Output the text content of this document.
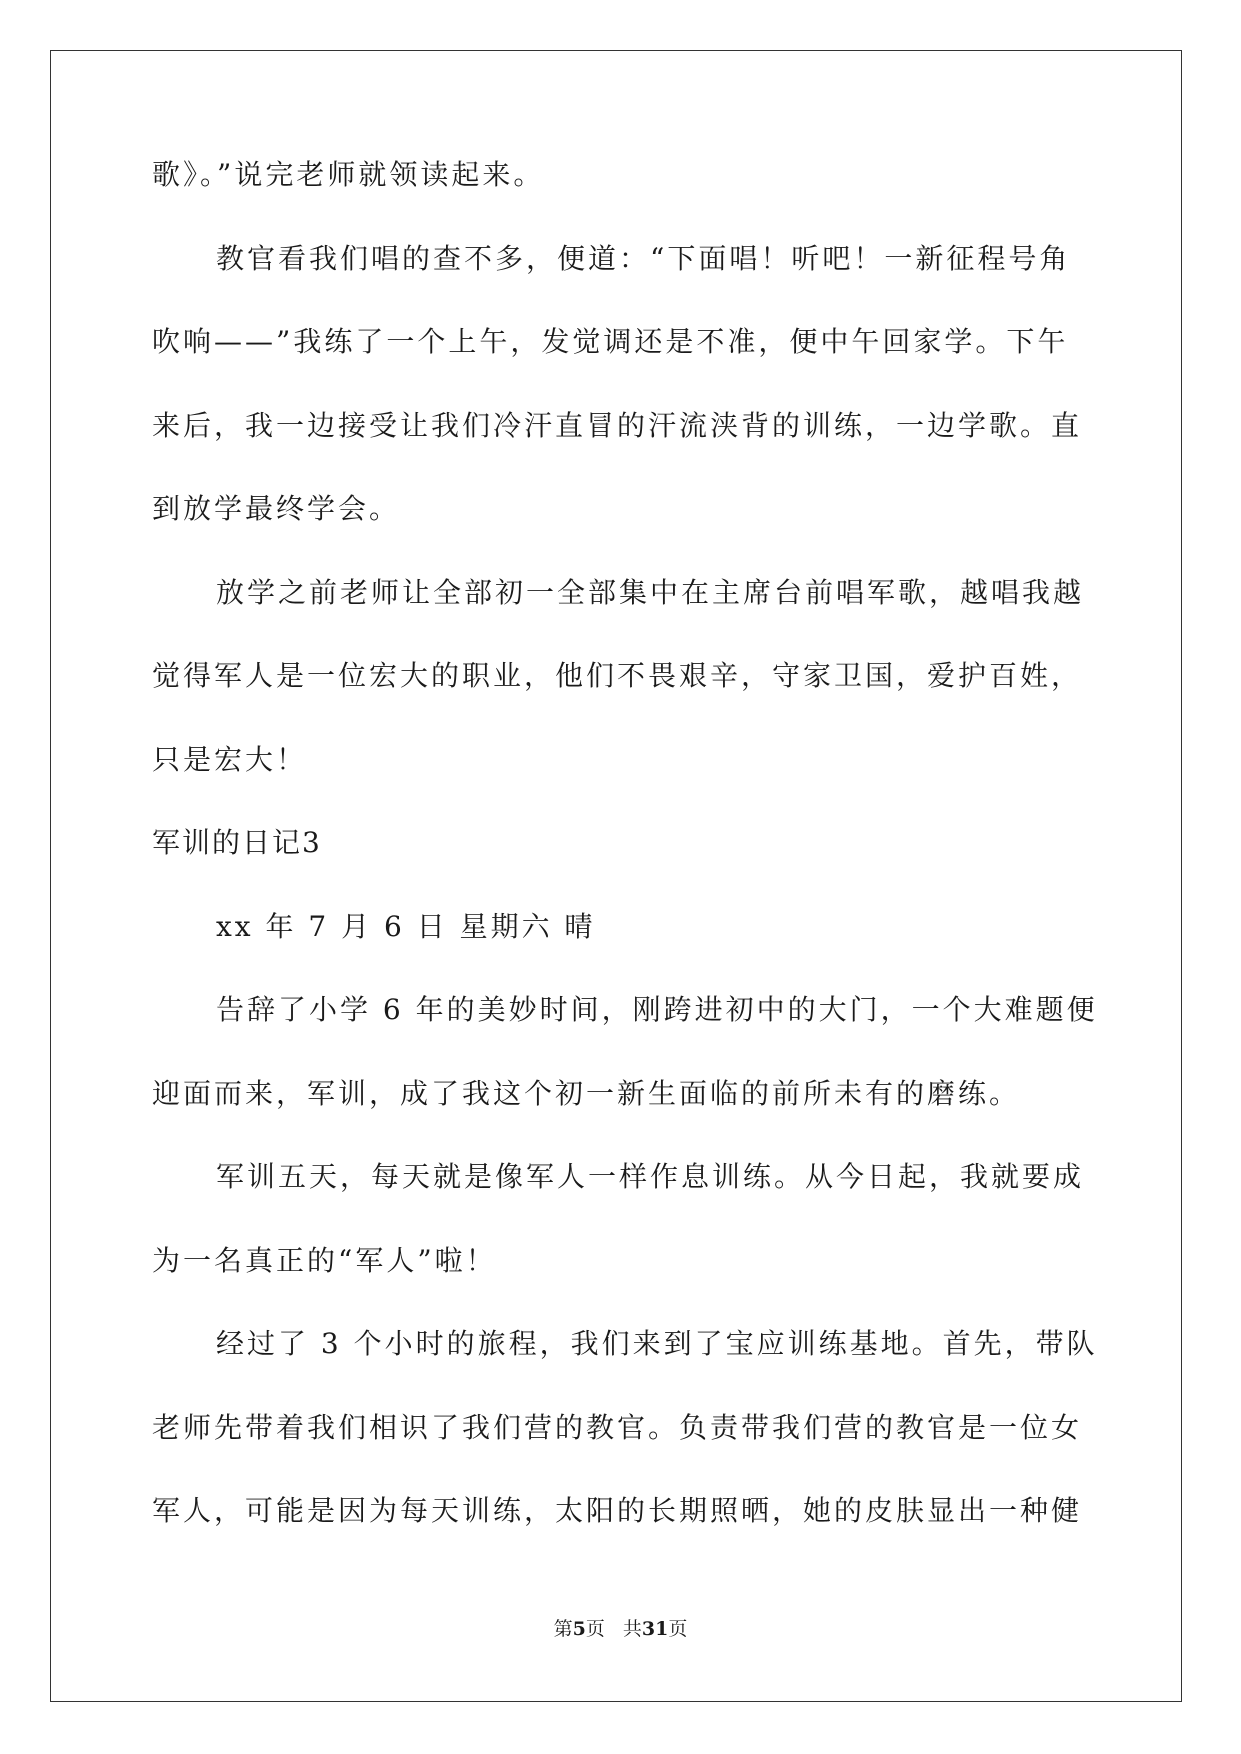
歌》。”说完老师就领读起来。
教官看我们唱的查不多，便道：“下面唱！听吧！一新征程号角
吹响——”我练了一个上午，发觉调还是不准，便中午回家学。下午
来后，我一边接受让我们冷汗直冒的汗流浃背的训练，一边学歌。直
到放学最终学会。
放学之前老师让全部初一全部集中在主席台前唱军歌，越唱我越
觉得军人是一位宏大的职业，他们不畏艰辛，守家卫国，爱护百姓，
只是宏大！
军训的日记3
xx 年 7 月 6 日 星期六 晴
告辞了小学 6 年的美妙时间，刚跨进初中的大门，一个大难题便
迎面而来，军训，成了我这个初一新生面临的前所未有的磨练。
军训五天，每天就是像军人一样作息训练。从今日起，我就要成
为一名真正的“军人”啦！
经过了 3 个小时的旅程，我们来到了宝应训练基地。首先，带队
老师先带着我们相识了我们营的教官。负责带我们营的教官是一位女
军人，可能是因为每天训练，太阳的长期照晒，她的皮肤显出一种健
第5页 共31页
